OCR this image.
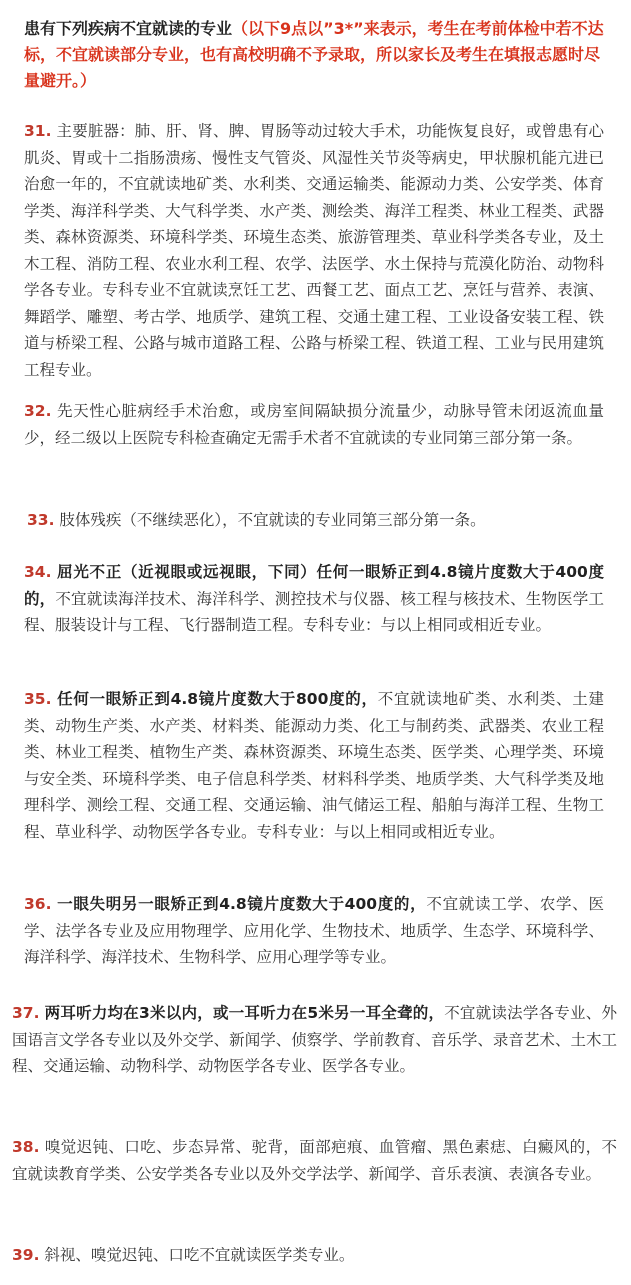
患有下列疾病不宜就读的专业（以下9点以”3*”来表示，考生在考前体检中若不达标，不宜就读部分专业，也有高校明确不予录取，所以家长及考生在填报志愿时尽量避开。）

31. 主要脏器：肺、肝、肾、脾、胃肠等动过较大手术，功能恢复良好，或曾患有心肌炎、胃或十二指肠溃疡、慢性支气管炎、风湿性关节炎等病史，甲状腺机能亢进已治愈一年的，不宜就读地矿类、水利类、交通运输类、能源动力类、公安学类、体育学类、海洋科学类、大气科学类、水产类、测绘类、海洋工程类、林业工程类、武器类、森林资源类、环境科学类、环境生态类、旅游管理类、草业科学类各专业，及土木工程、消防工程、农业水利工程、农学、法医学、水土保持与荒漠化防治、动物科学各专业。专科专业不宜就读烹饪工艺、西餐工艺、面点工艺、烹饪与营养、表演、舞蹈学、雕塑、考古学、地质学、建筑工程、交通土建工程、工业设备安装工程、铁道与桥梁工程、公路与城市道路工程、公路与桥梁工程、铁道工程、工业与民用建筑工程专业。

32. 先天性心脏病经手术治愈，或房室间隔缺损分流量少，动脉导管未闭返流血量少，经二级以上医院专科检查确定无需手术者不宜就读的专业同第三部分第一条。

33. 肢体残疾（不继续恶化），不宜就读的专业同第三部分第一条。

34. 屈光不正（近视眼或远视眼，下同）任何一眼矫正到4.8镜片度数大于400度的，不宜就读海洋技术、海洋科学、测控技术与仪器、核工程与核技术、生物医学工程、服装设计与工程、飞行器制造工程。专科专业：与以上相同或相近专业。

35. 任何一眼矫正到4.8镜片度数大于800度的，不宜就读地矿类、水利类、土建类、动物生产类、水产类、材料类、能源动力类、化工与制药类、武器类、农业工程类、林业工程类、植物生产类、森林资源类、环境生态类、医学类、心理学类、环境与安全类、环境科学类、电子信息科学类、材料科学类、地质学类、大气科学类及地理科学、测绘工程、交通工程、交通运输、油气储运工程、船舶与海洋工程、生物工程、草业科学、动物医学各专业。专科专业：与以上相同或相近专业。

36. 一眼失明另一眼矫正到4.8镜片度数大于400度的，不宜就读工学、农学、医学、法学各专业及应用物理学、应用化学、生物技术、地质学、生态学、环境科学、海洋科学、海洋技术、生物科学、应用心理学等专业。

37. 两耳听力均在3米以内，或一耳听力在5米另一耳全聋的，不宜就读法学各专业、外国语言文学各专业以及外交学、新闻学、侦察学、学前教育、音乐学、录音艺术、土木工程、交通运输、动物科学、动物医学各专业、医学各专业。

38. 嗅觉迟钝、口吃、步态异常、驼背，面部疤痕、血管瘤、黑色素痣、白癜风的，不宜就读教育学类、公安学类各专业以及外交学法学、新闻学、音乐表演、表演各专业。

39. 斜视、嗅觉迟钝、口吃不宜就读医学类专业。
